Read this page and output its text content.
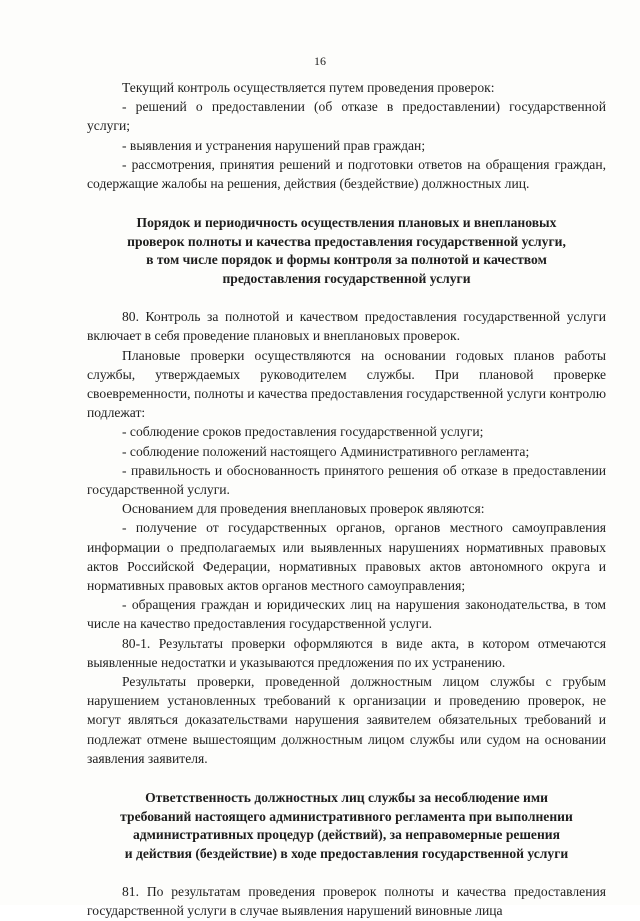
16

Текущий контроль осуществляется путем проведения проверок:

- решений о предоставлении (об отказе в предоставлении) государственной услуги;

- выявления и устранения нарушений прав граждан;

- рассмотрения, принятия решений и подготовки ответов на обращения граждан, содержащие жалобы на решения, действия (бездействие) должностных лиц.

Порядок и периодичность осуществления плановых и внеплановых
проверок полноты и качества предоставления государственной услуги,
в том числе порядок и формы контроля за полнотой и качеством
предоставления государственной услуги

80. Контроль за полнотой и качеством предоставления государственной услуги включает в себя проведение плановых и внеплановых проверок.

Плановые проверки осуществляются на основании годовых планов работы службы, утверждаемых руководителем службы. При плановой проверке своевременности, полноты и качества предоставления государственной услуги контролю подлежат:

- соблюдение сроков предоставления государственной услуги;

- соблюдение положений настоящего Административного регламента;

- правильность и обоснованность принятого решения об отказе в предоставлении государственной услуги.

Основанием для проведения внеплановых проверок являются:

- получение от государственных органов, органов местного самоуправления информации о предполагаемых или выявленных нарушениях нормативных правовых актов Российской Федерации, нормативных правовых актов автономного округа и нормативных правовых актов органов местного самоуправления;

- обращения граждан и юридических лиц на нарушения законодательства, в том числе на качество предоставления государственной услуги.

80-1. Результаты проверки оформляются в виде акта, в котором отмечаются выявленные недостатки и указываются предложения по их устранению.

Результаты проверки, проведенной должностным лицом службы с грубым нарушением установленных требований к организации и проведению проверок, не могут являться доказательствами нарушения заявителем обязательных требований и подлежат отмене вышестоящим должностным лицом службы или судом на основании заявления заявителя.

Ответственность должностных лиц службы за несоблюдение ими
требований настоящего административного регламента при выполнении
административных процедур (действий), за неправомерные решения
и действия (бездействие) в ходе предоставления государственной услуги

81. По результатам проведения проверок полноты и качества предоставления государственной услуги в случае выявления нарушений виновные лица
